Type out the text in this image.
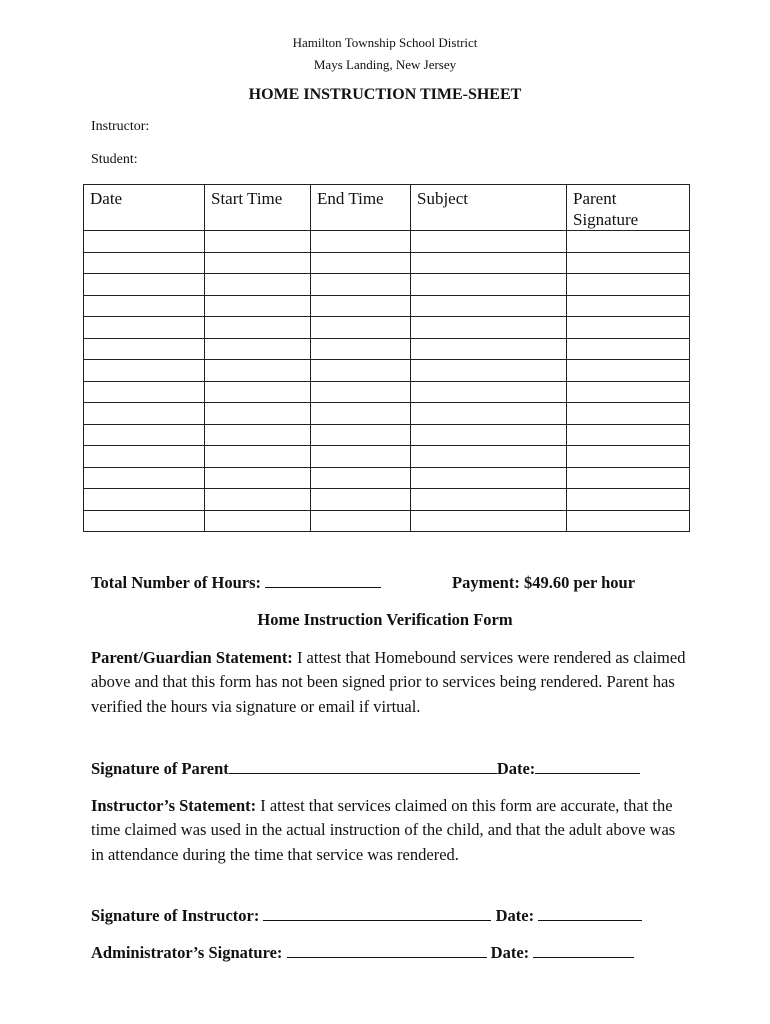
Hamilton Township School District
Mays Landing, New Jersey
HOME INSTRUCTION TIME-SHEET
Instructor:
Student:
Date	Start Time	End Time	Subject	Parent Signature

Total Number of Hours:	Payment: $49.60 per hour
Home Instruction Verification Form
Parent/Guardian Statement: I attest that Homebound services were rendered as claimed above and that this form has not been signed prior to services being rendered. Parent has verified the hours via signature or email if virtual.
Signature of Parent	Date:
Instructor’s Statement: I attest that services claimed on this form are accurate, that the time claimed was used in the actual instruction of the child, and that the adult above was in attendance during the time that service was rendered.
Signature of Instructor:	Date:
Administrator’s Signature:	Date:
